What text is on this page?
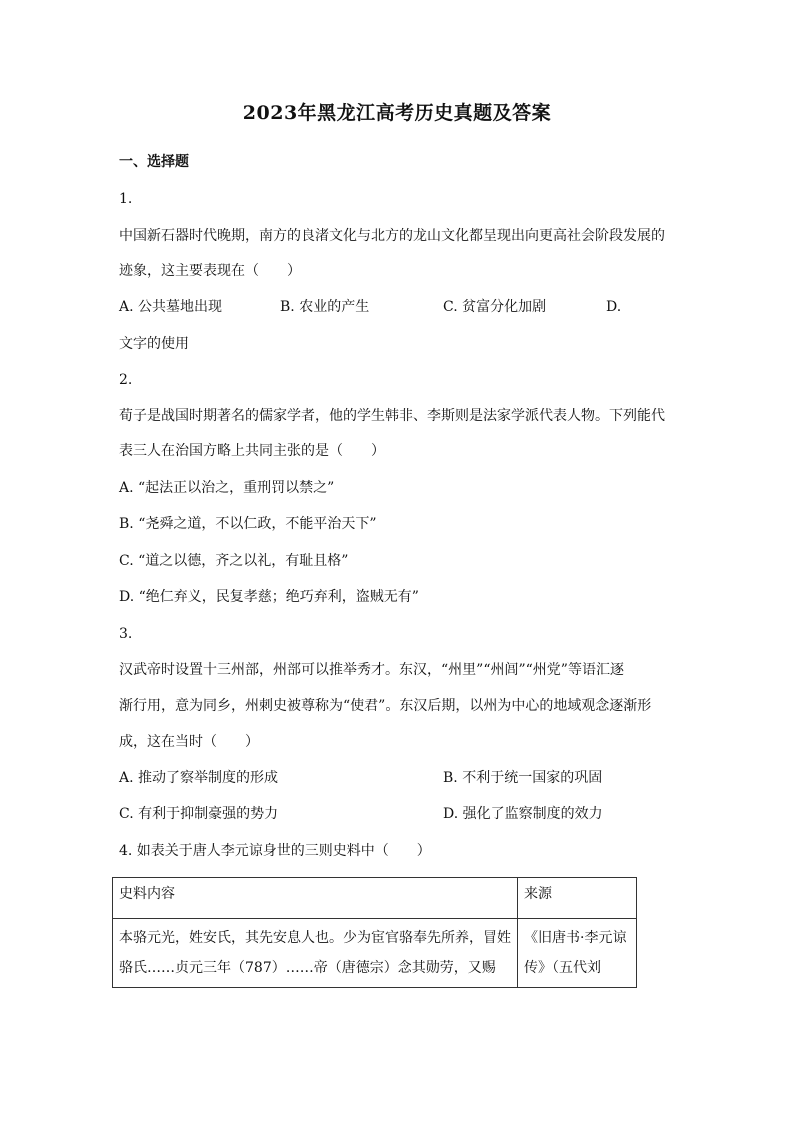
2023年黑龙江高考历史真题及答案
一、选择题
1.
中国新石器时代晚期，南方的良渚文化与北方的龙山文化都呈现出向更高社会阶段发展的
迹象，这主要表现在（　　）
A. 公共墓地出现	B. 农业的产生	C. 贫富分化加剧	D.
文字的使用
2.
荀子是战国时期著名的儒家学者，他的学生韩非、李斯则是法家学派代表人物。下列能代
表三人在治国方略上共同主张的是（　　）
A. “起法正以治之，重刑罚以禁之”
B. “尧舜之道，不以仁政，不能平治天下”
C. “道之以德，齐之以礼，有耻且格”
D. “绝仁弃义，民复孝慈；绝巧弃利，盗贼无有”
3.
汉武帝时设置十三州部，州部可以推举秀才。东汉，“州里”“州闾”“州党”等语汇逐
渐行用，意为同乡，州刺史被尊称为“使君”。东汉后期，以州为中心的地域观念逐渐形
成，这在当时（　　）
A. 推动了察举制度的形成	B. 不利于统一国家的巩固
C. 有利于抑制豪强的势力	D. 强化了监察制度的效力
4. 如表关于唐人李元谅身世的三则史料中（　　）
史料内容	来源
本骆元光，姓安氏，其先安息人也。少为宦官骆奉先所养，冒姓骆氏……贞元三年（787）……帝（唐德宗）念其勋劳，又赐	《旧唐书·李元谅传》（五代刘
